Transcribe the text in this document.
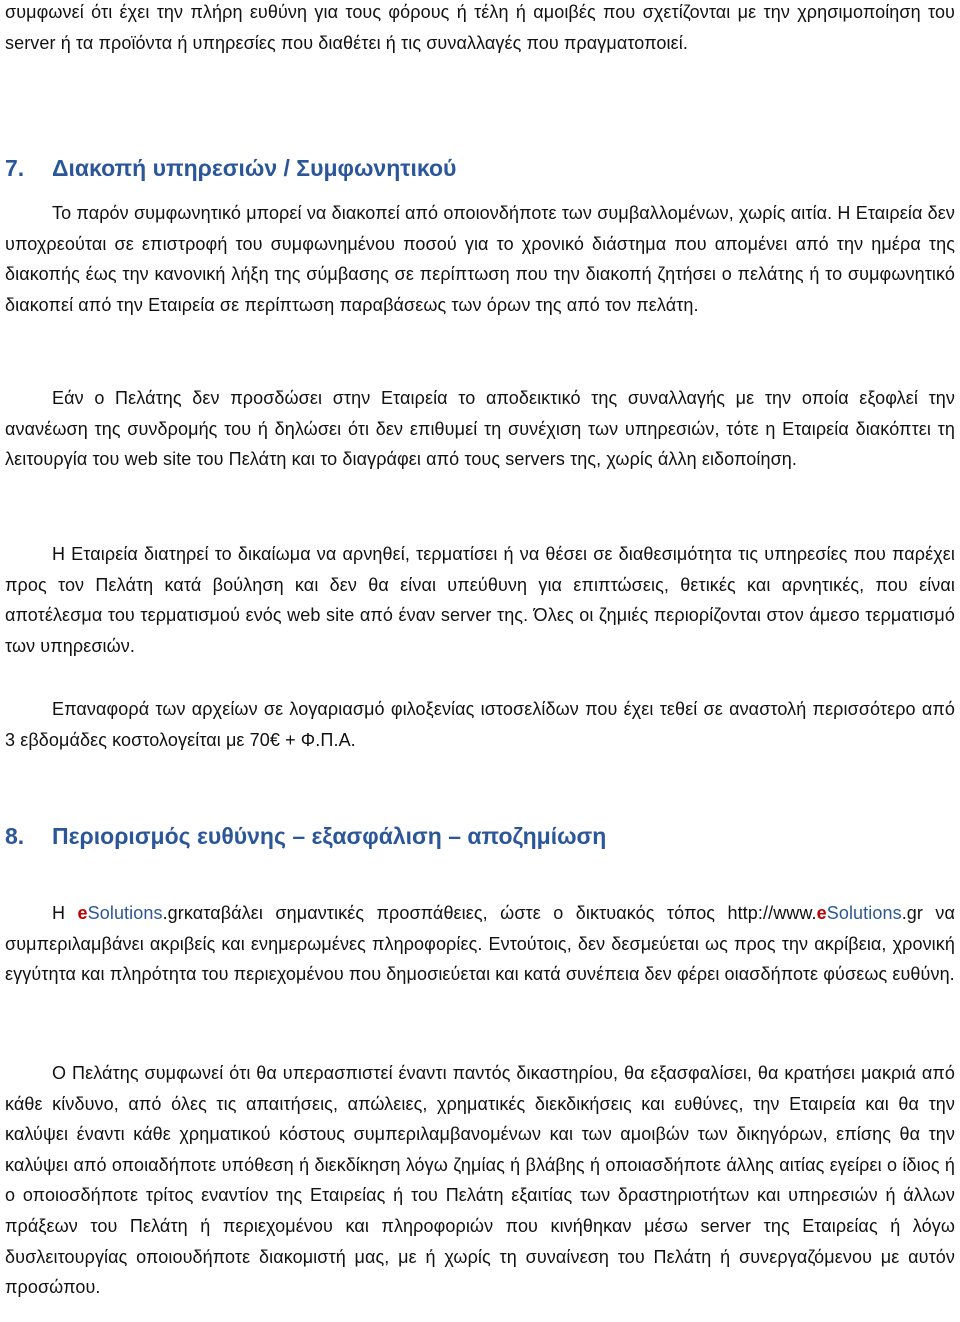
συμφωνεί ότι έχει την πλήρη ευθύνη για τους φόρους ή τέλη ή αμοιβές που σχετίζονται με την χρησιμοποίηση του server ή τα προϊόντα ή υπηρεσίες που διαθέτει ή τις συναλλαγές που πραγματοποιεί.

7. Διακοπή υπηρεσιών / Συμφωνητικού

Το παρόν συμφωνητικό μπορεί να διακοπεί από οποιονδήποτε των συμβαλλομένων, χωρίς αιτία. Η Εταιρεία δεν υποχρεούται σε επιστροφή του συμφωνημένου ποσού για το χρονικό διάστημα που απομένει από την ημέρα της διακοπής έως την κανονική λήξη της σύμβασης σε περίπτωση που την διακοπή ζητήσει ο πελάτης ή το συμφωνητικό διακοπεί από την Εταιρεία σε περίπτωση παραβάσεως των όρων της από τον πελάτη.

Εάν ο Πελάτης δεν προσδώσει στην Εταιρεία το αποδεικτικό της συναλλαγής με την οποία εξοφλεί την ανανέωση της συνδρομής του ή δηλώσει ότι δεν επιθυμεί τη συνέχιση των υπηρεσιών, τότε η Εταιρεία διακόπτει τη λειτουργία του web site του Πελάτη και το διαγράφει από τους servers της, χωρίς άλλη ειδοποίηση.

Η Εταιρεία διατηρεί το δικαίωμα να αρνηθεί, τερματίσει ή να θέσει σε διαθεσιμότητα τις υπηρεσίες που παρέχει προς τον Πελάτη κατά βούληση και δεν θα είναι υπεύθυνη για επιπτώσεις, θετικές και αρνητικές, που είναι αποτέλεσμα του τερματισμού ενός web site από έναν server της. Όλες οι ζημιές περιορίζονται στον άμεσο τερματισμό των υπηρεσιών.

Επαναφορά των αρχείων σε λογαριασμό φιλοξενίας ιστοσελίδων που έχει τεθεί σε αναστολή περισσότερο από 3 εβδομάδες κοστολογείται με 70€ + Φ.Π.Α.

8. Περιορισμός ευθύνης – εξασφάλιση – αποζημίωση

Η eSolutions.grκαταβάλει σημαντικές προσπάθειες, ώστε ο δικτυακός τόπος http://www.eSolutions.gr να συμπεριλαμβάνει ακριβείς και ενημερωμένες πληροφορίες. Εντούτοις, δεν δεσμεύεται ως προς την ακρίβεια, χρονική εγγύτητα και πληρότητα του περιεχομένου που δημοσιεύεται και κατά συνέπεια δεν φέρει οιασδήποτε φύσεως ευθύνη.

Ο Πελάτης συμφωνεί ότι θα υπερασπιστεί έναντι παντός δικαστηρίου, θα εξασφαλίσει, θα κρατήσει μακριά από κάθε κίνδυνο, από όλες τις απαιτήσεις, απώλειες, χρηματικές διεκδικήσεις και ευθύνες, την Εταιρεία και θα την καλύψει έναντι κάθε χρηματικού κόστους συμπεριλαμβανομένων και των αμοιβών των δικηγόρων, επίσης θα την καλύψει από οποιαδήποτε υπόθεση ή διεκδίκηση λόγω ζημίας ή βλάβης ή οποιασδήποτε άλλης αιτίας εγείρει ο ίδιος ή ο οποιοσδήποτε τρίτος εναντίον της Εταιρείας ή του Πελάτη εξαιτίας των δραστηριοτήτων και υπηρεσιών ή άλλων πράξεων του Πελάτη ή περιεχομένου και πληροφοριών που κινήθηκαν μέσω server της Εταιρείας ή λόγω δυσλειτουργίας οποιουδήποτε διακομιστή μας, με ή χωρίς τη συναίνεση του Πελάτη ή συνεργαζόμενου με αυτόν προσώπου.
